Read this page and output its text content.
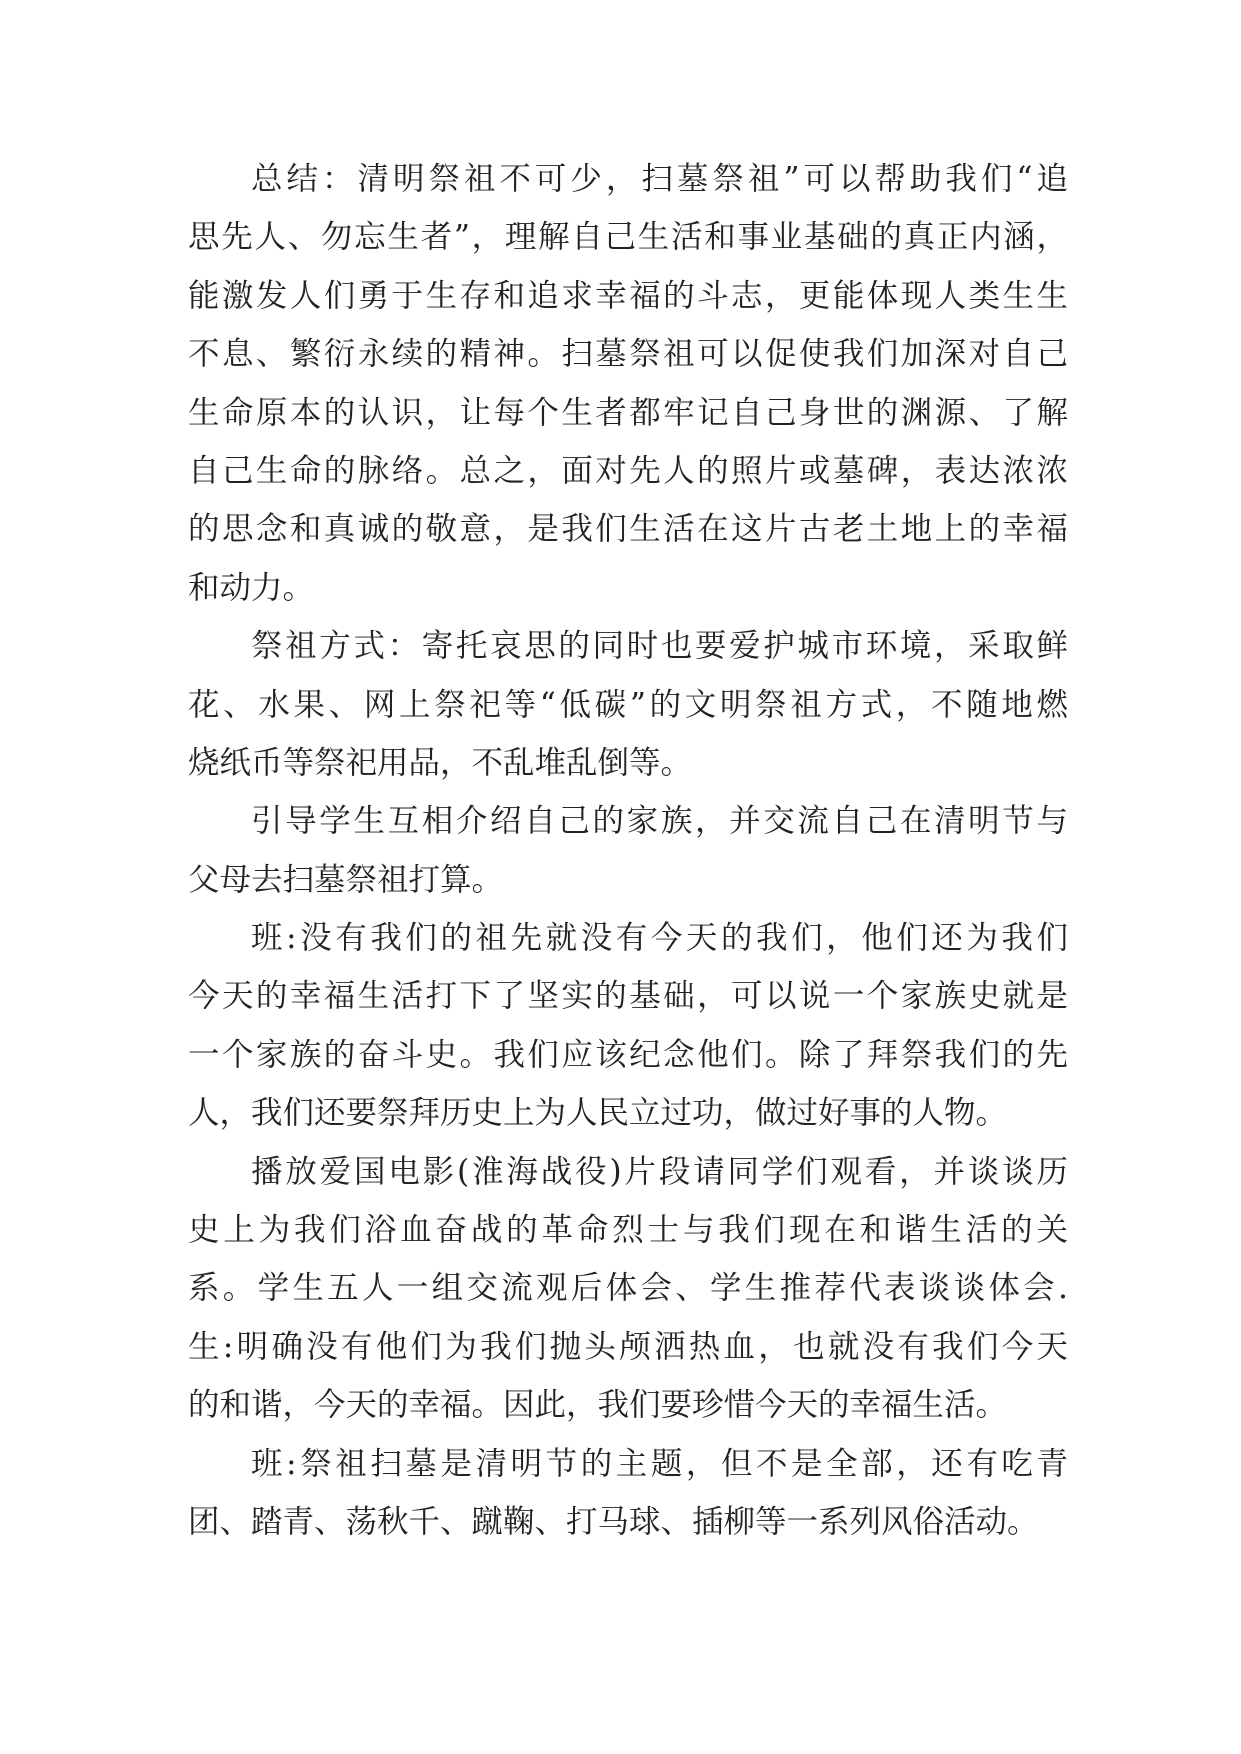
总结：清明祭祖不可少，扫墓祭祖”可以帮助我们“追
思先人、勿忘生者”，理解自己生活和事业基础的真正内涵，
能激发人们勇于生存和追求幸福的斗志，更能体现人类生生
不息、繁衍永续的精神。扫墓祭祖可以促使我们加深对自己
生命原本的认识，让每个生者都牢记自己身世的渊源、了解
自己生命的脉络。总之，面对先人的照片或墓碑，表达浓浓
的思念和真诚的敬意，是我们生活在这片古老土地上的幸福
和动力。
祭祖方式：寄托哀思的同时也要爱护城市环境，采取鲜
花、水果、网上祭祀等“低碳”的文明祭祖方式，不随地燃
烧纸币等祭祀用品，不乱堆乱倒等。
引导学生互相介绍自己的家族，并交流自己在清明节与
父母去扫墓祭祖打算。
班:没有我们的祖先就没有今天的我们，他们还为我们
今天的幸福生活打下了坚实的基础，可以说一个家族史就是
一个家族的奋斗史。我们应该纪念他们。除了拜祭我们的先
人，我们还要祭拜历史上为人民立过功，做过好事的人物。
播放爱国电影(淮海战役)片段请同学们观看，并谈谈历
史上为我们浴血奋战的革命烈士与我们现在和谐生活的关
系。学生五人一组交流观后体会、学生推荐代表谈谈体会.
生:明确没有他们为我们抛头颅洒热血，也就没有我们今天
的和谐，今天的幸福。因此，我们要珍惜今天的幸福生活。
班:祭祖扫墓是清明节的主题，但不是全部，还有吃青
团、踏青、荡秋千、蹴鞠、打马球、插柳等一系列风俗活动。
